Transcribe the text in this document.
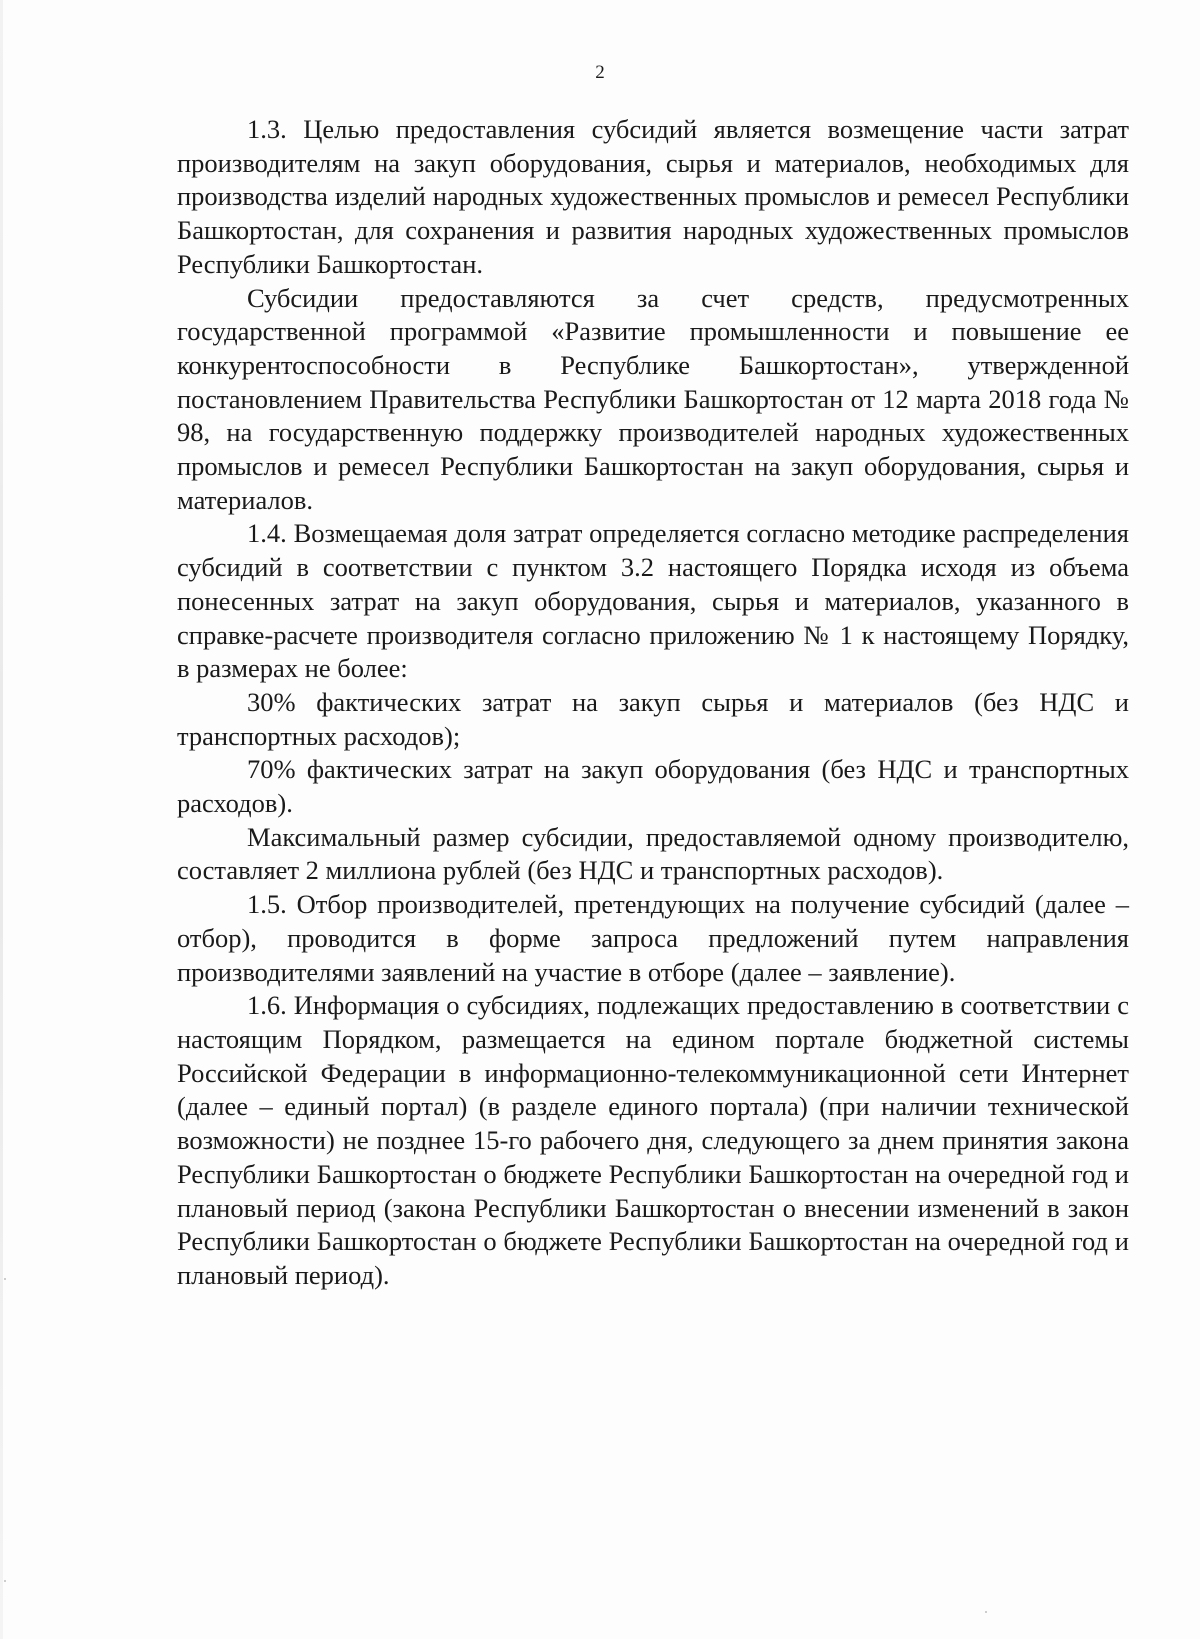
2

1.3. Целью предоставления субсидий является возмещение части затрат производителям на закуп оборудования, сырья и материалов, необходимых для производства изделий народных художественных промыслов и ремесел Республики Башкортостан, для сохранения и развития народных художественных промыслов Республики Башкортостан.

Субсидии предоставляются за счет средств, предусмотренных государственной программой «Развитие промышленности и повышение ее конкурентоспособности в Республике Башкортостан», утвержденной постановлением Правительства Республики Башкортостан от 12 марта 2018 года № 98, на государственную поддержку производителей народных художественных промыслов и ремесел Республики Башкортостан на закуп оборудования, сырья и материалов.

1.4. Возмещаемая доля затрат определяется согласно методике распределения субсидий в соответствии с пунктом 3.2 настоящего Порядка исходя из объема понесенных затрат на закуп оборудования, сырья и материалов, указанного в справке-расчете производителя согласно приложению № 1 к настоящему Порядку, в размерах не более:

30% фактических затрат на закуп сырья и материалов (без НДС и транспортных расходов);

70% фактических затрат на закуп оборудования (без НДС и транспортных расходов).

Максимальный размер субсидии, предоставляемой одному производителю, составляет 2 миллиона рублей (без НДС и транспортных расходов).

1.5. Отбор производителей, претендующих на получение субсидий (далее – отбор), проводится в форме запроса предложений путем направления производителями заявлений на участие в отборе (далее – заявление).

1.6. Информация о субсидиях, подлежащих предоставлению в соответствии с настоящим Порядком, размещается на едином портале бюджетной системы Российской Федерации в информационно-телекоммуникационной сети Интернет (далее – единый портал) (в разделе единого портала) (при наличии технической возможности) не позднее 15-го рабочего дня, следующего за днем принятия закона Республики Башкортостан о бюджете Республики Башкортостан на очередной год и плановый период (закона Республики Башкортостан о внесении изменений в закон Республики Башкортостан о бюджете Республики Башкортостан на очередной год и плановый период).
